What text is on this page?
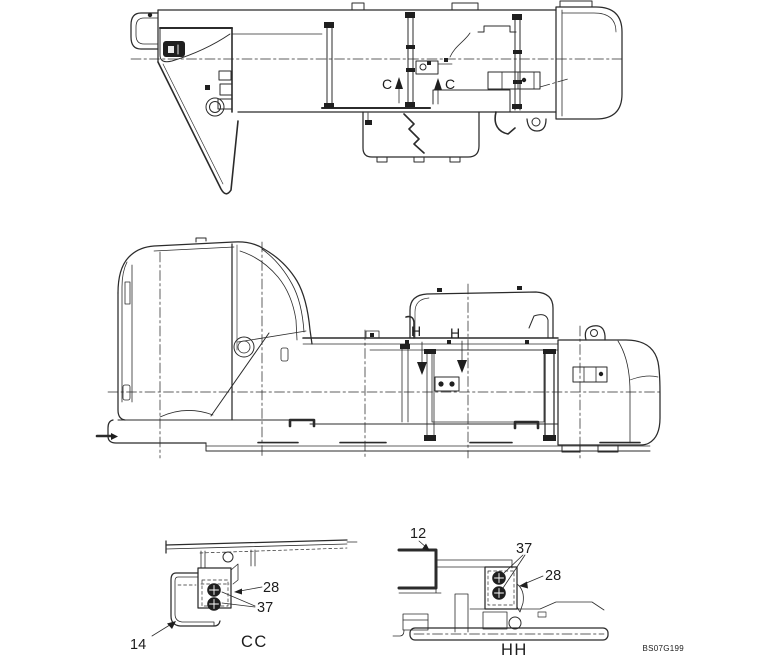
C	C
H H
28
37
14	CC
12
37
28
HH	BS07G199
